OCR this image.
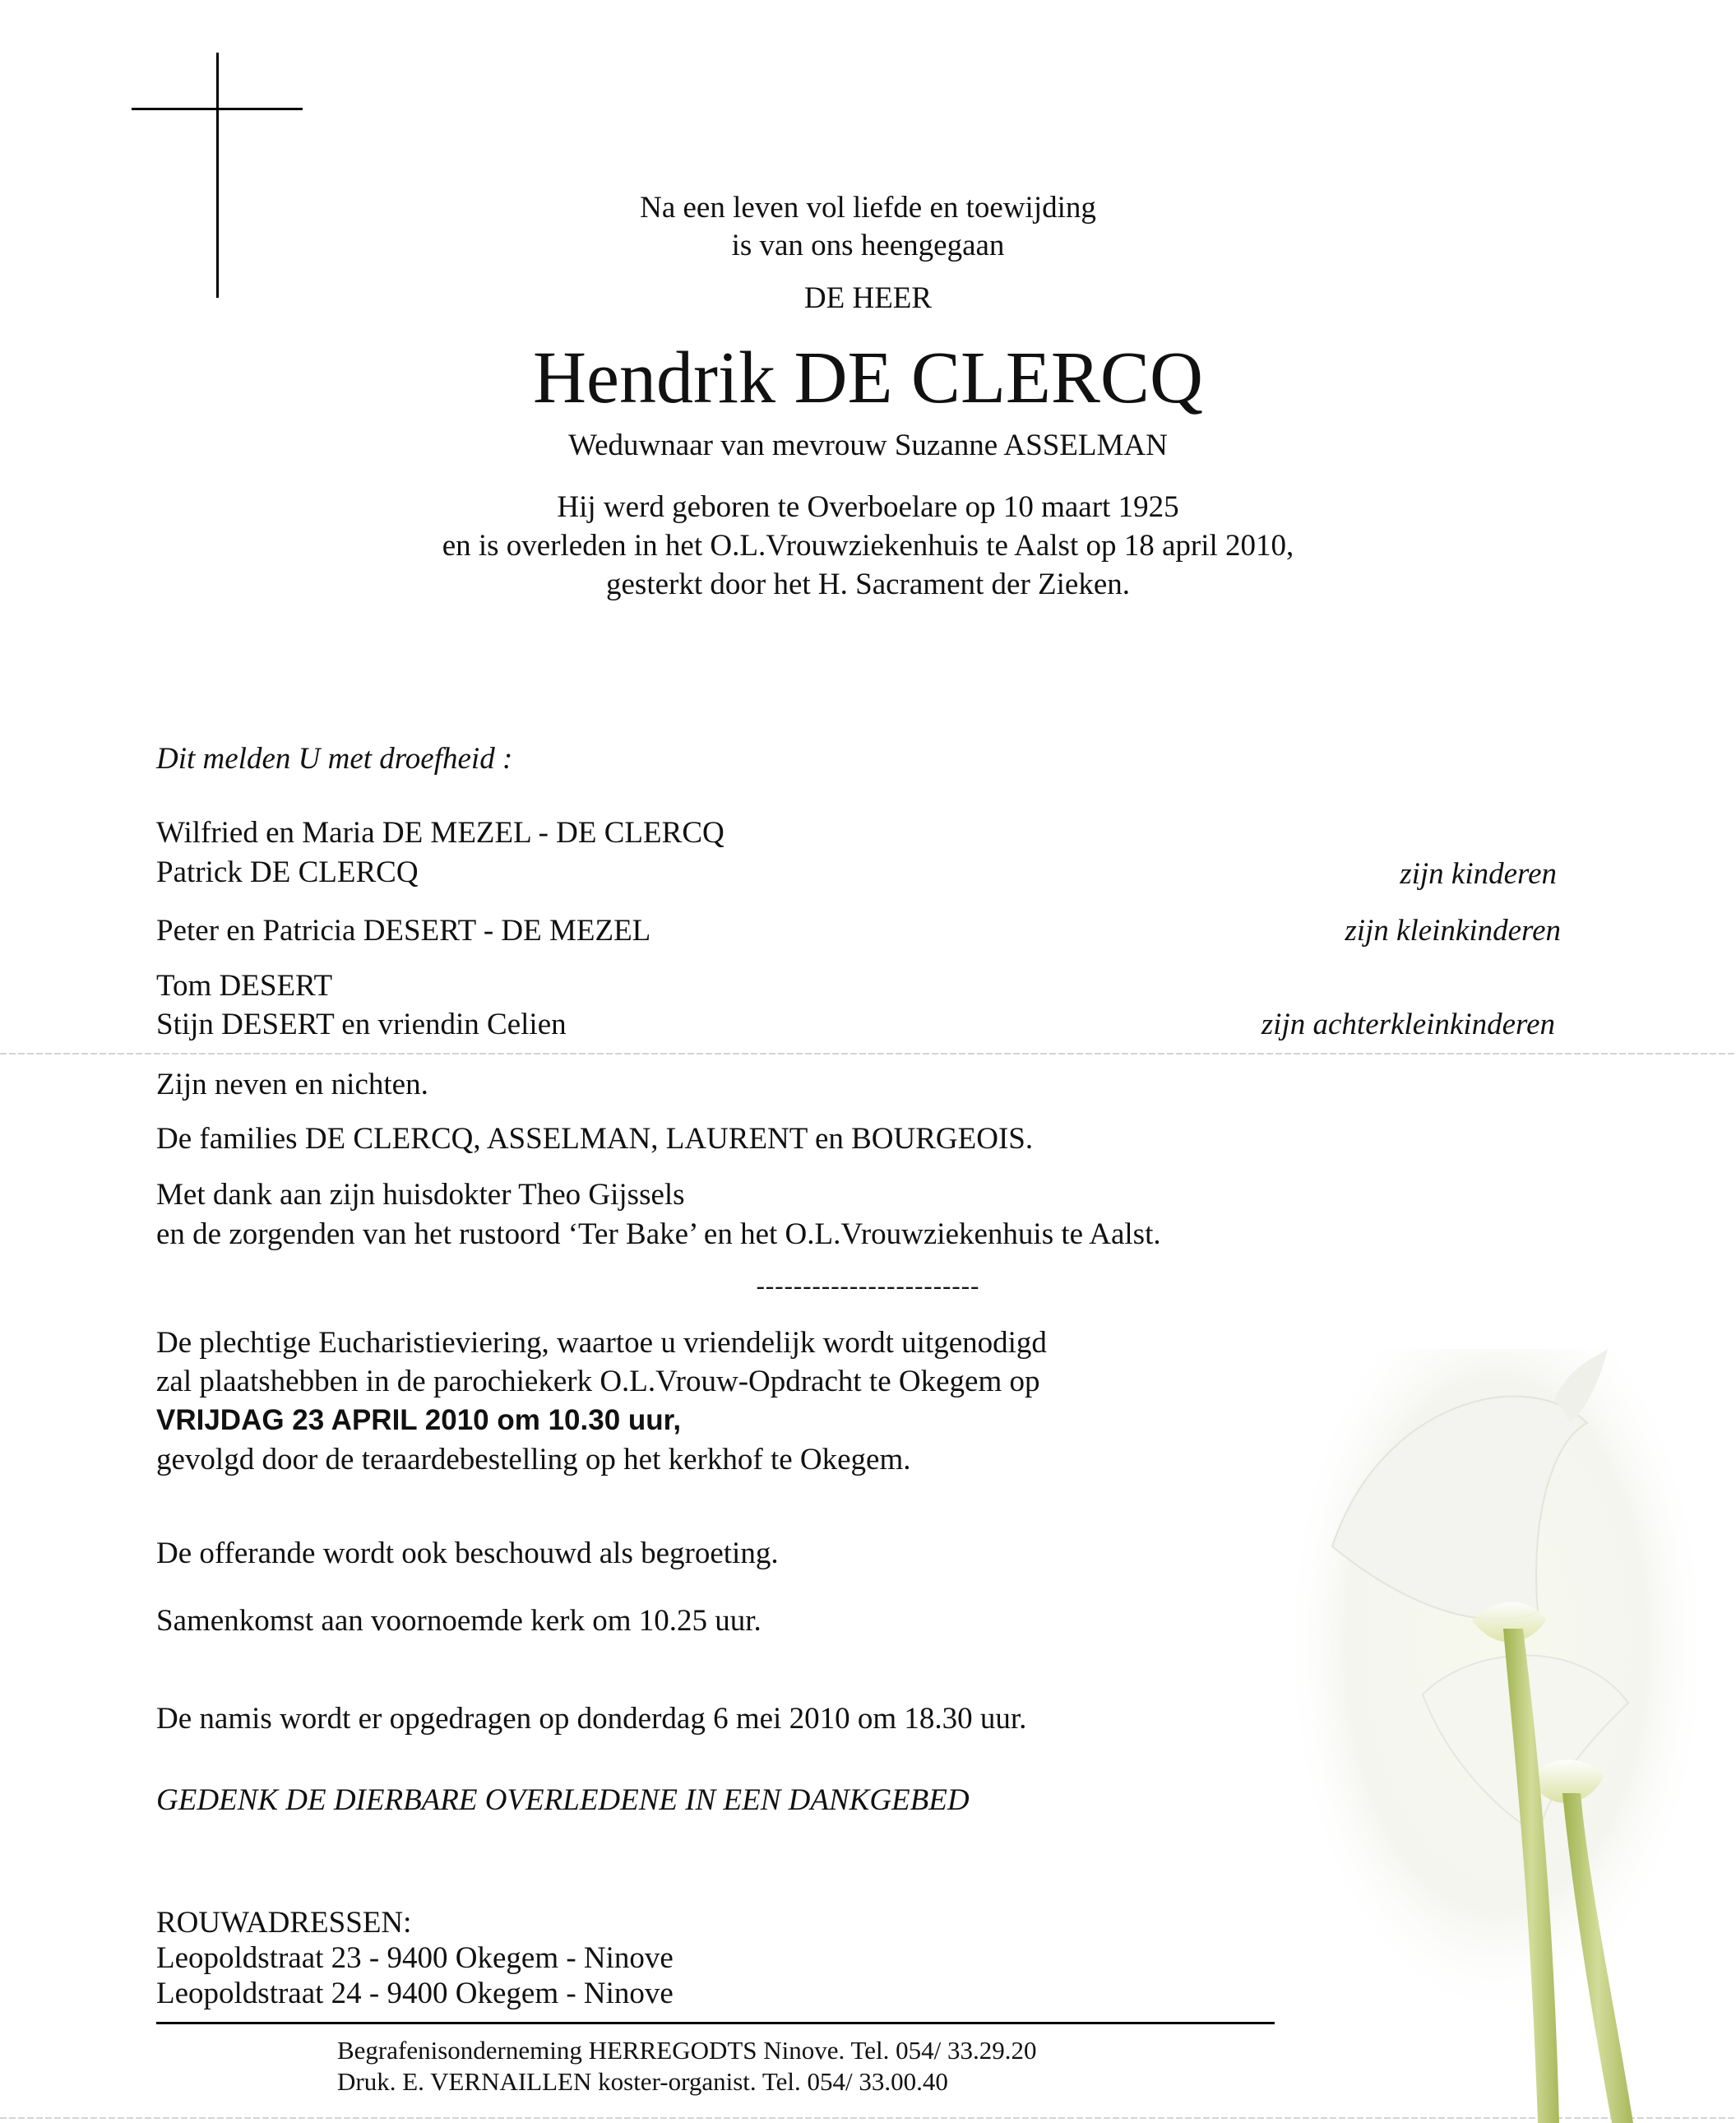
Na een leven vol liefde en toewijding
is van ons heengegaan
DE HEER
Hendrik DE CLERCQ
Weduwnaar van mevrouw Suzanne ASSELMAN
Hij werd geboren te Overboelare op 10 maart 1925
en is overleden in het O.L.Vrouwziekenhuis te Aalst op 18 april 2010,
gesterkt door het H. Sacrament der Zieken.
Dit melden U met droefheid :
Wilfried en Maria DE MEZEL - DE CLERCQ
Patrick DE CLERCQ	zijn kinderen
Peter en Patricia DESERT - DE MEZEL	zijn kleinkinderen
Tom DESERT
Stijn DESERT en vriendin Celien	zijn achterkleinkinderen
Zijn neven en nichten.
De families DE CLERCQ, ASSELMAN, LAURENT en BOURGEOIS.
Met dank aan zijn huisdokter Theo Gijssels
en de zorgenden van het rustoord ‘Ter Bake’ en het O.L.Vrouwziekenhuis te Aalst.
------------------------
De plechtige Eucharistieviering, waartoe u vriendelijk wordt uitgenodigd
zal plaatshebben in de parochiekerk O.L.Vrouw-Opdracht te Okegem op
VRIJDAG 23 APRIL 2010 om 10.30 uur,
gevolgd door de teraardebestelling op het kerkhof te Okegem.
De offerande wordt ook beschouwd als begroeting.
Samenkomst aan voornoemde kerk om 10.25 uur.
De namis wordt er opgedragen op donderdag 6 mei 2010 om 18.30 uur.
GEDENK DE DIERBARE OVERLEDENE IN EEN DANKGEBED
ROUWADRESSEN:
Leopoldstraat 23 - 9400 Okegem - Ninove
Leopoldstraat 24 - 9400 Okegem - Ninove
Begrafenisonderneming HERREGODTS Ninove. Tel. 054/ 33.29.20
Druk. E. VERNAILLEN koster-organist. Tel. 054/ 33.00.40
